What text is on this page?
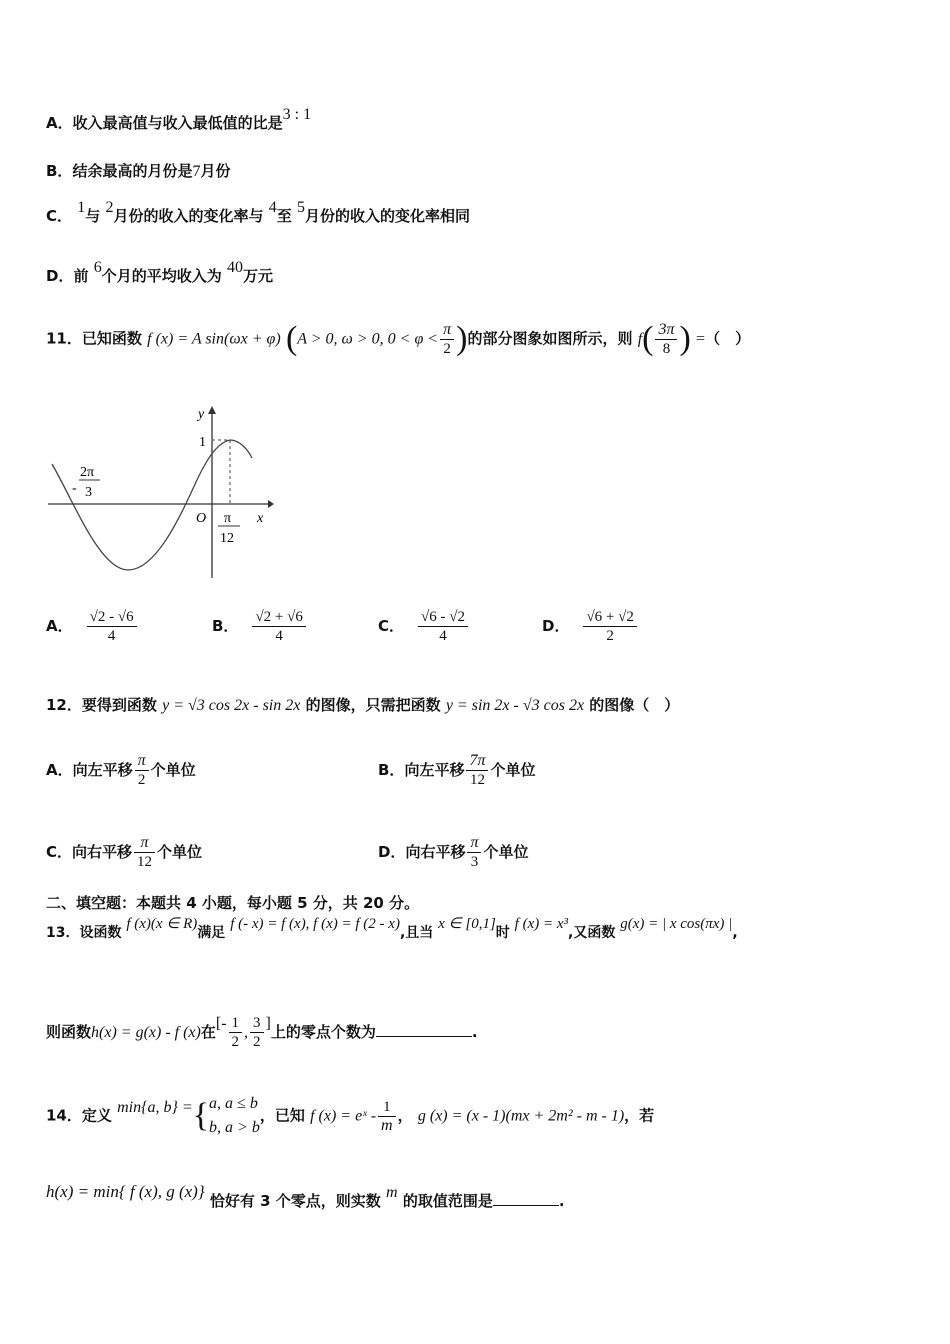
A．收入最高值与收入最低值的比是3 : 1
B．结余最高的月份是7月份
C． 1与 2月份的收入的变化率与 4至 5月份的收入的变化率相同
D．前 6个月的平均收入为 40万元
11．已知函数 f (x) = A sin(ωx + φ) (A > 0, ω > 0, $0 < \varphi < \frac{\pi}{2}$ )的部分图象如图所示，则 $f( \frac{3\pi}{8}$ ) =（　）
y
x
O
1
-
2π
3
π
12
A． $\frac{√2 - √6}{4}$	B． $\frac{√2 + √6}{4}$	C． $\frac{√6 - √2}{4}$	D． $\frac{√6 + √2}{2}$
12．要得到函数 y = √3 cos 2x - sin 2x 的图像，只需把函数 y = sin 2x - √3 cos 2x 的图像（　）
A．向左平移 $\frac{\pi}{2}$ 个单位	B．向左平移 $\frac{7\pi}{12}$ 个单位
C．向右平移 $\frac{\pi}{12}$ 个单位	D．向右平移 $\frac{\pi}{3}$ 个单位
二、填空题：本题共 4 小题，每小题 5 分，共 20 分。
13．设函数 f (x)(x ∈ R)满足 f (- x) = f (x), f (x) = f (2 - x),且当 x ∈ [0,1]时 f (x) = x³,又函数 g(x) = | x cos(πx) |,
则函数h(x) = g(x) - f (x)在[- $\frac{1}{2}$ , $\frac{3}{2}$ ]上的零点个数为	.
14．定义 min{a, b} ={ a, a ≤ b
b, a > b
，已知 f (x) = eˣ - $\frac{1}{m}$ ， g (x) = (x - 1)(mx + 2m² - m - 1)，若
h(x) = min{ f (x), g (x)} 恰好有 3 个零点，则实数 m 的取值范围是	.
